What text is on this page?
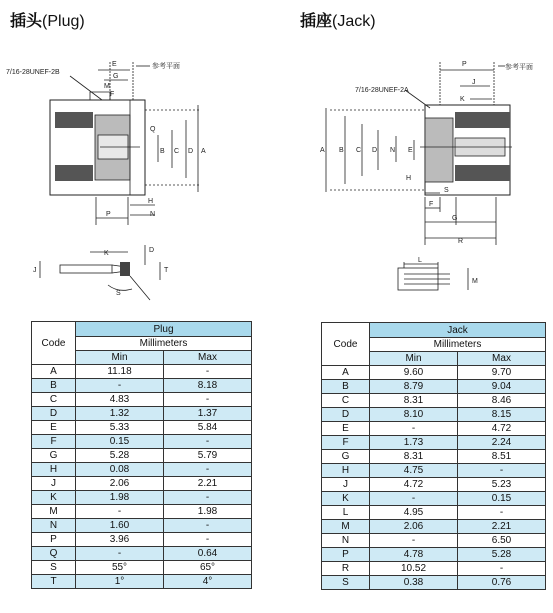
插头(Plug)	插座(Jack)
7/16-28UNEF-2B
参考平面
E
G
M
F
Q
B C D A
H
P	N
K	D
J	T
S
7/16-28UNEF-2A
参考平面
P
J
K
A B C D N E
H
S
F
G
R
L
M
Code	Plug	
	Millimeters	
	Min	Max
A	11.18	-
B	-	8.18
C	4.83	-
D	1.32	1.37
E	5.33	5.84
F	0.15	-
G	5.28	5.79
H	0.08	-
J	2.06	2.21
K	1.98	-
M	-	1.98
N	1.60	-
P	3.96	-
Q	-	0.64
S	55°	65°
T	1°	4°
Code	Jack	
	Millimeters	
	Min	Max
A	9.60	9.70
B	8.79	9.04
C	8.31	8.46
D	8.10	8.15
E	-	4.72
F	1.73	2.24
G	8.31	8.51
H	4.75	-
J	4.72	5.23
K	-	0.15
L	4.95	-
M	2.06	2.21
N	-	6.50
P	4.78	5.28
R	10.52	-
S	0.38	0.76
